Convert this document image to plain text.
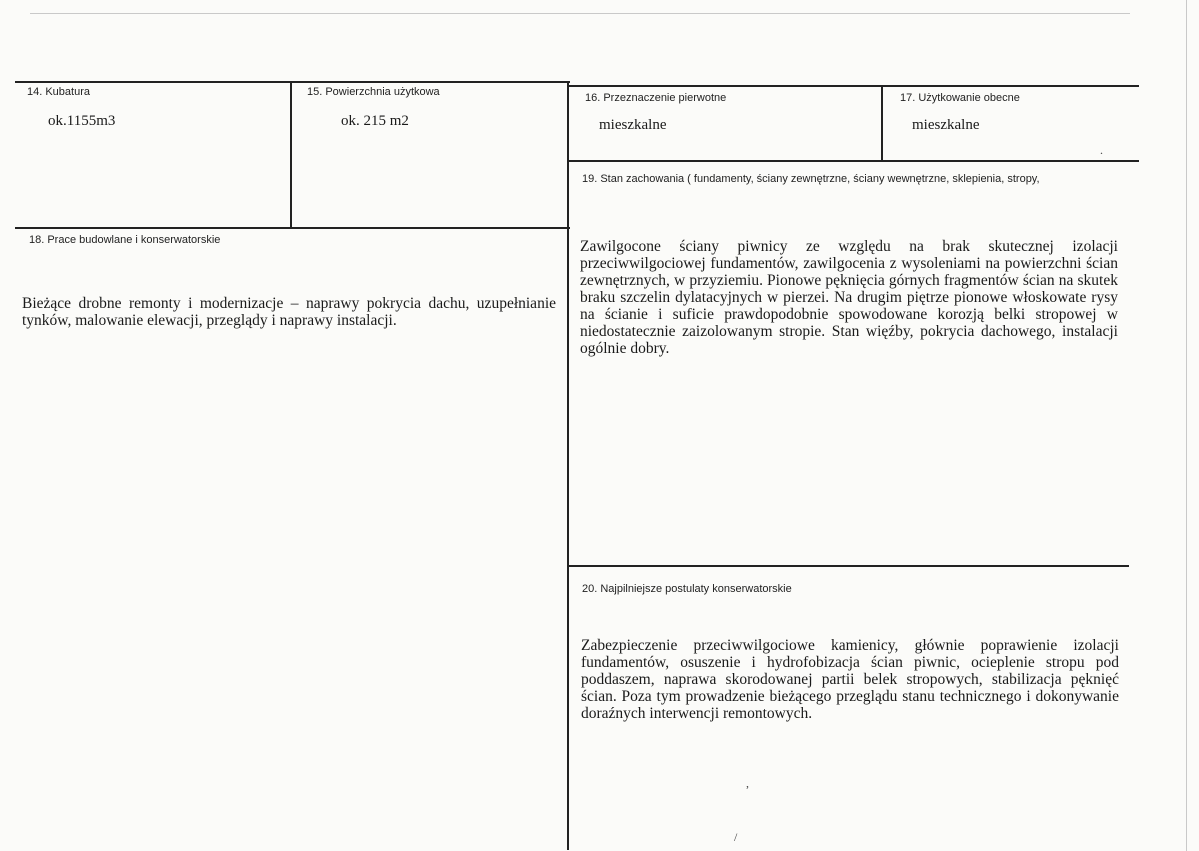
14. Kubatura
ok.1155m3
15. Powierzchnia użytkowa
ok. 215 m2
16. Przeznaczenie pierwotne
mieszkalne
17. Użytkowanie obecne
mieszkalne
18. Prace budowlane i konserwatorskie

Bieżące drobne remonty i modernizacje – naprawy pokrycia dachu, uzupełnianie tynków, malowanie elewacji, przeglądy i naprawy instalacji.

19. Stan zachowania ( fundamenty, ściany zewnętrzne, ściany wewnętrzne, sklepienia, stropy,

Zawilgocone ściany piwnicy ze względu na brak skutecznej izolacji przeciwwilgociowej fundamentów, zawilgocenia z wysoleniami na powierzchni ścian zewnętrznych, w przyziemiu. Pionowe pęknięcia górnych fragmentów ścian na skutek braku szczelin dylatacyjnych w pierzei. Na drugim piętrze pionowe włoskowate rysy na ścianie i suficie prawdopodobnie spowodowane korozją belki stropowej w niedostatecznie zaizolowanym stropie. Stan więźby, pokrycia dachowego, instalacji ogólnie dobry.

20. Najpilniejsze postulaty konserwatorskie

Zabezpieczenie przeciwwilgociowe kamienicy, głównie poprawienie izolacji fundamentów, osuszenie i hydrofobizacja ścian piwnic, ocieplenie stropu pod poddaszem, naprawa skorodowanej partii belek stropowych, stabilizacja pęknięć ścian. Poza tym prowadzenie bieżącego przeglądu stanu technicznego i dokonywanie doraźnych interwencji remontowych.

.
,
/
